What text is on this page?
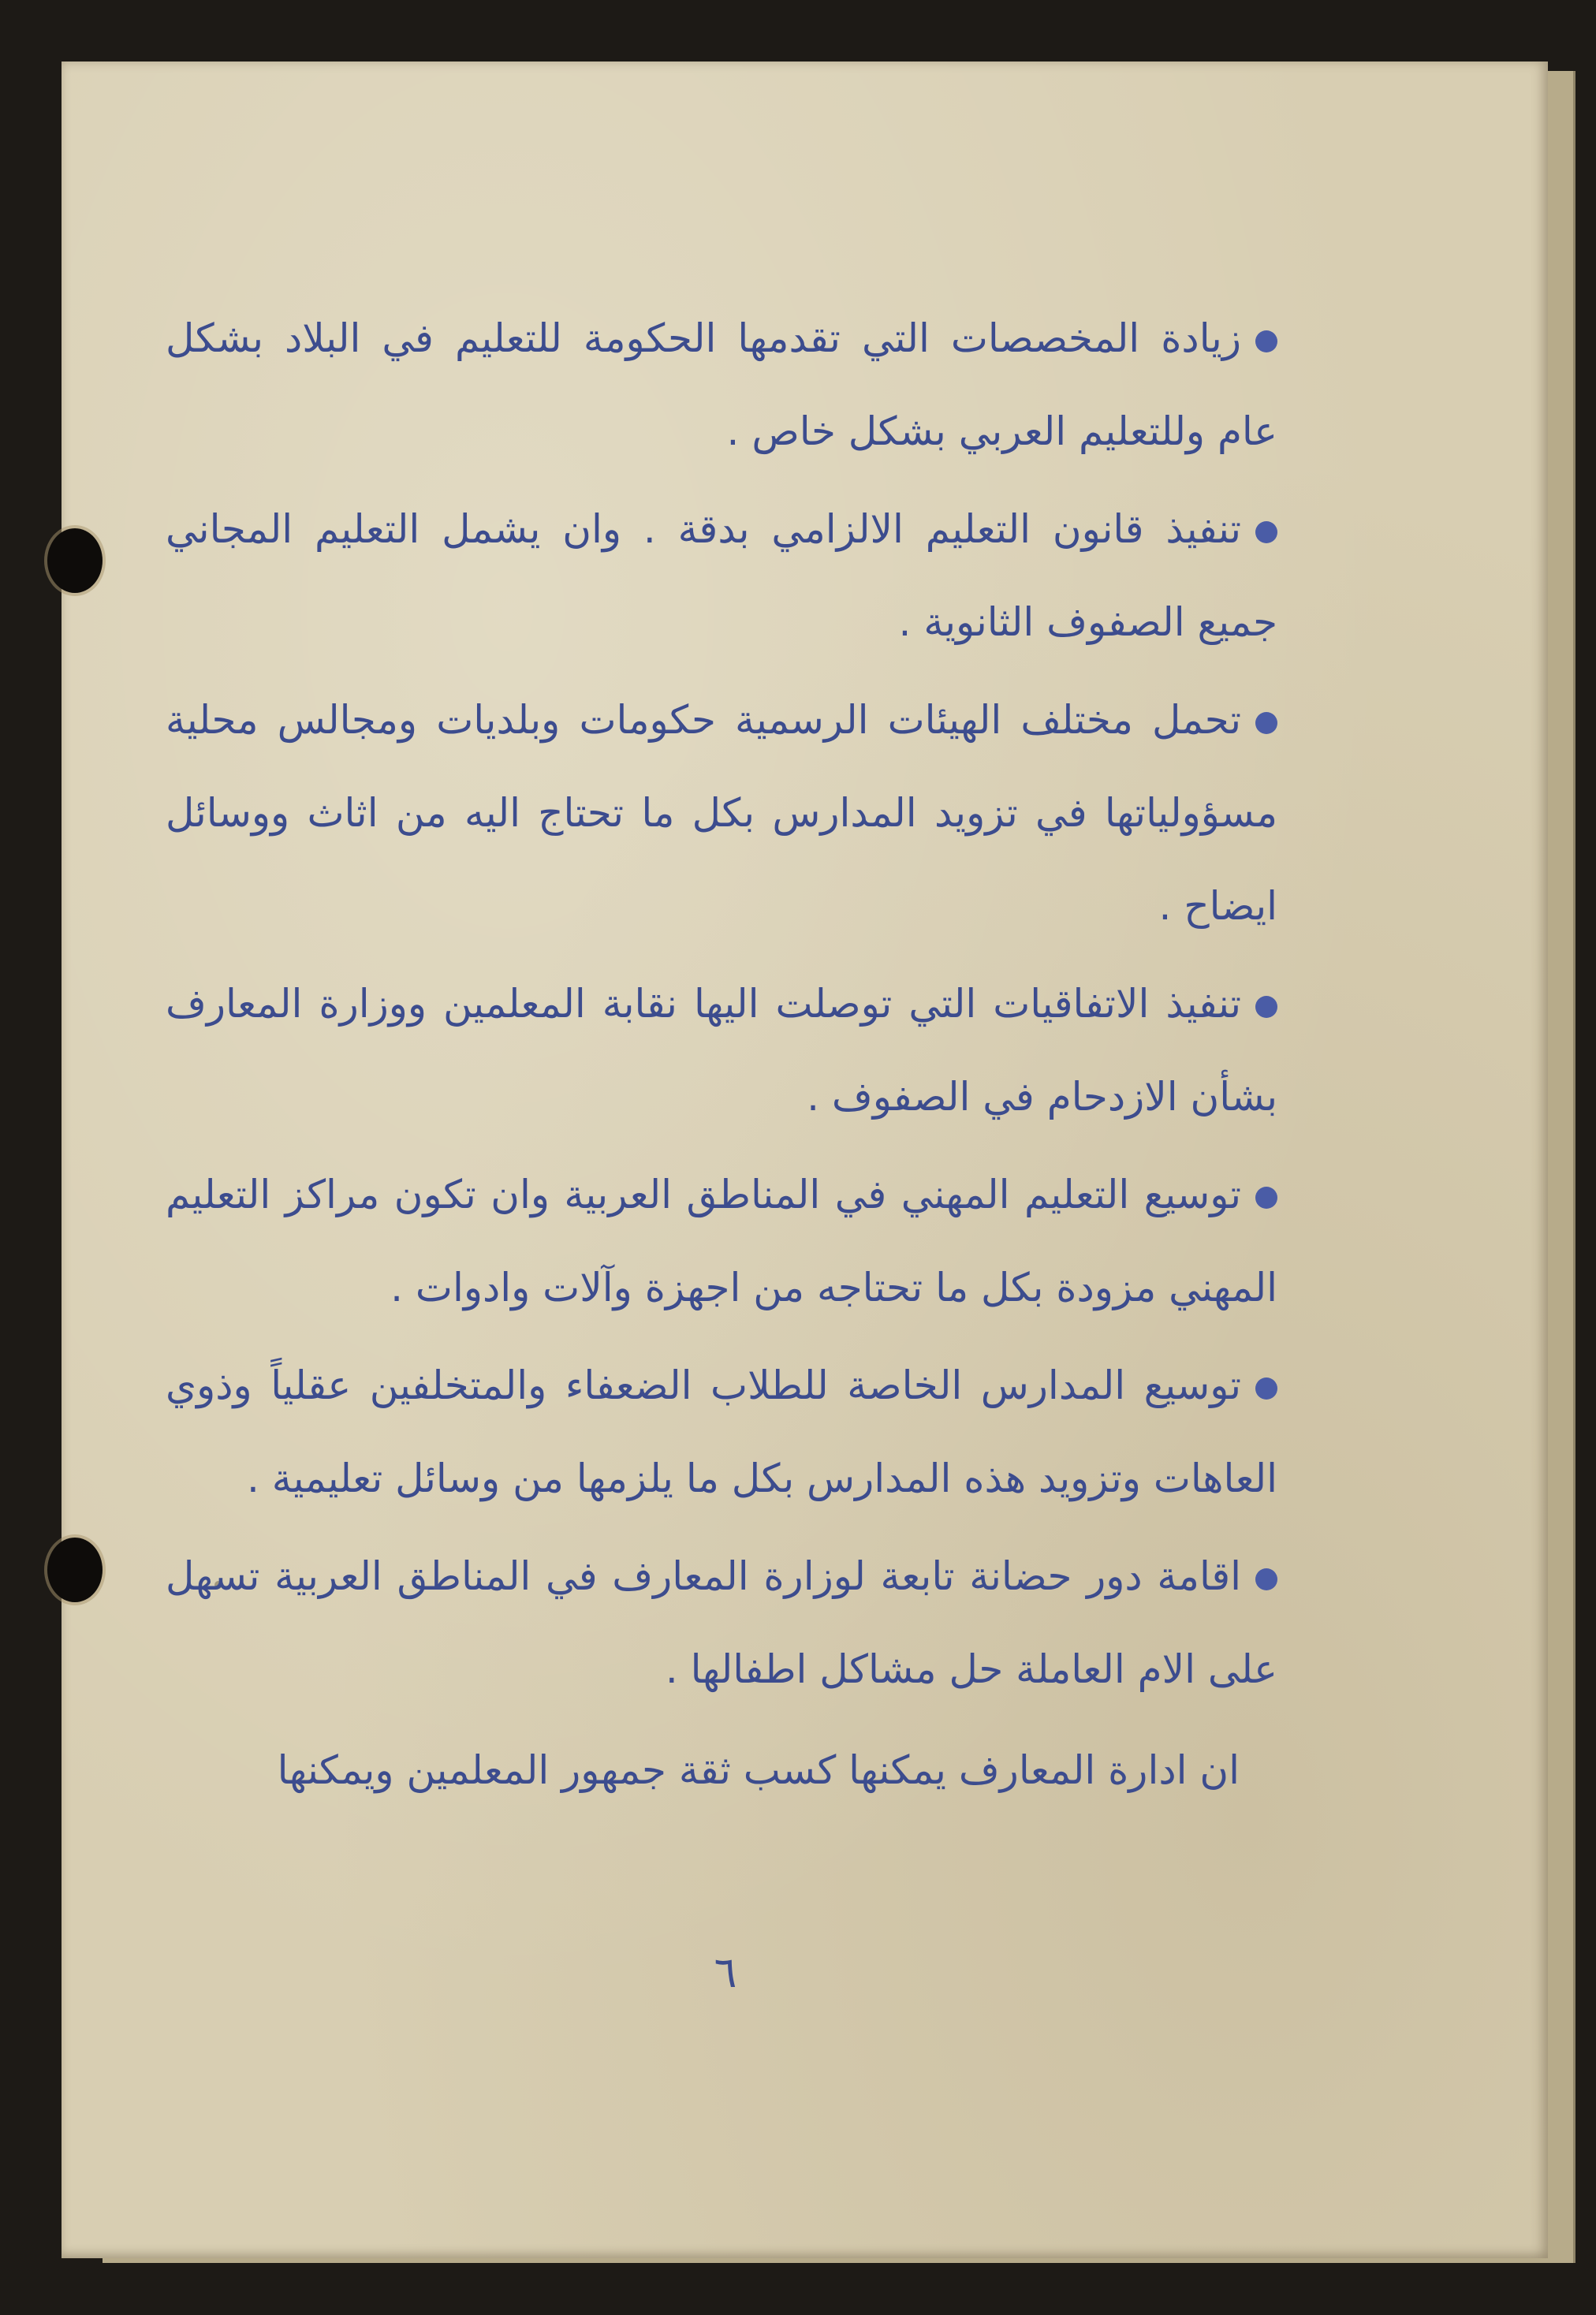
زيادة المخصصات التي تقدمها الحكومة للتعليم في البلاد بشكل عام وللتعليم العربي بشكل خاص .
تنفيذ قانون التعليم الالزامي بدقة . وان يشمل التعليم المجاني جميع الصفوف الثانوية .
تحمل مختلف الهيئات الرسمية حكومات وبلديات ومجالس محلية مسؤولياتها في تزويد المدارس بكل ما تحتاج اليه من اثاث ووسائل ايضاح .
تنفيذ الاتفاقيات التي توصلت اليها نقابة المعلمين ووزارة المعارف بشأن الازدحام في الصفوف .
توسيع التعليم المهني في المناطق العربية وان تكون مراكز التعليم المهني مزودة بكل ما تحتاجه من اجهزة وآلات وادوات .
توسيع المدارس الخاصة للطلاب الضعفاء والمتخلفين عقلياً وذوي العاهات وتزويد هذه المدارس بكل ما يلزمها من وسائل تعليمية .
اقامة دور حضانة تابعة لوزارة المعارف في المناطق العربية تسهل على الام العاملة حل مشاكل اطفالها .
ان ادارة المعارف يمكنها كسب ثقة جمهور المعلمين ويمكنها
٦
